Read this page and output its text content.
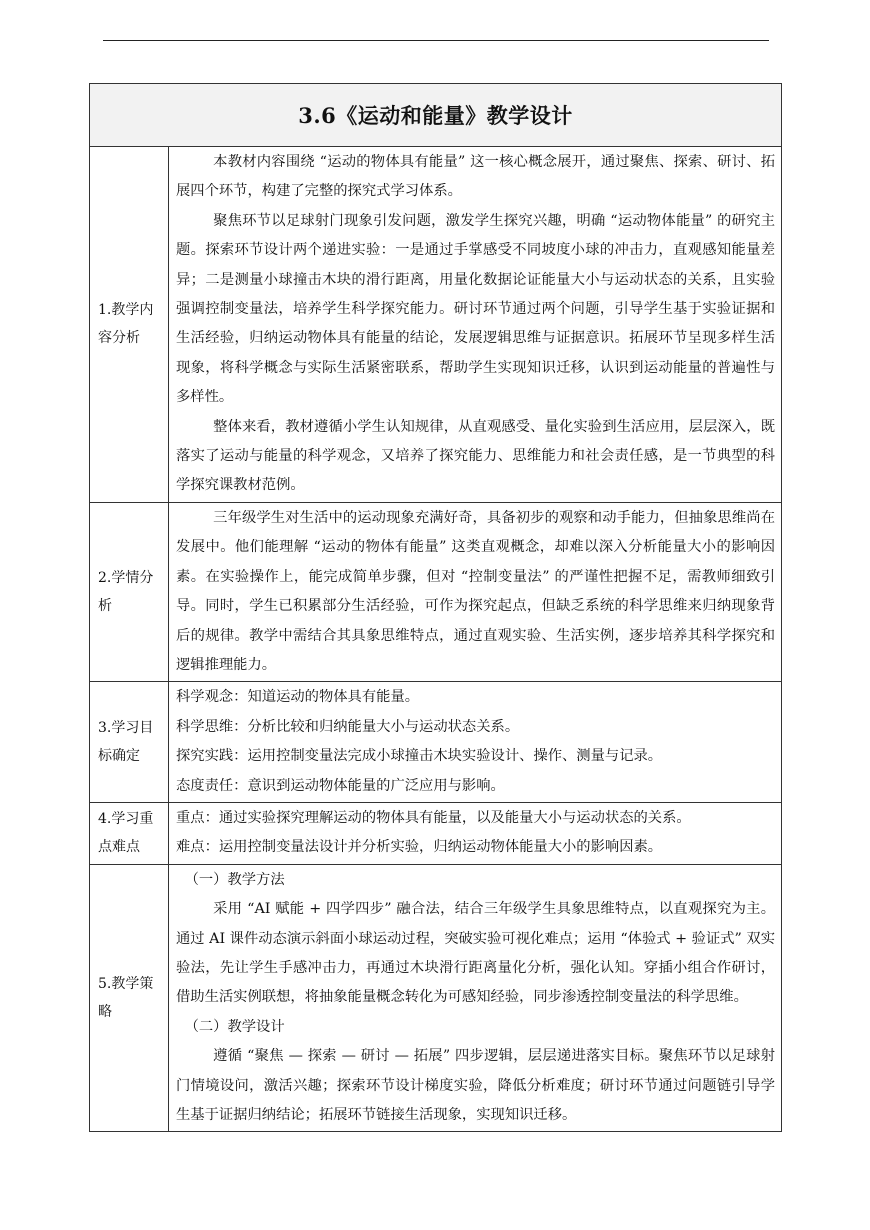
3.6《运动和能量》教学设计	
1.教学内容分析	本教材内容围绕 “运动的物体具有能量” 这一核心概念展开，通过聚焦、探索、研讨、拓展四个环节，构建了完整的探究式学习体系。

聚焦环节以足球射门现象引发问题，激发学生探究兴趣，明确 “运动物体能量” 的研究主题。探索环节设计两个递进实验：一是通过手掌感受不同坡度小球的冲击力，直观感知能量差异；二是测量小球撞击木块的滑行距离，用量化数据论证能量大小与运动状态的关系，且实验强调控制变量法，培养学生科学探究能力。研讨环节通过两个问题，引导学生基于实验证据和生活经验，归纳运动物体具有能量的结论，发展逻辑思维与证据意识。拓展环节呈现多样生活现象，将科学概念与实际生活紧密联系，帮助学生实现知识迁移，认识到运动能量的普遍性与多样性。

整体来看，教材遵循小学生认知规律，从直观感受、量化实验到生活应用，层层深入，既落实了运动与能量的科学观念，又培养了探究能力、思维能力和社会责任感，是一节典型的科学探究课教材范例。

2.学情分析	三年级学生对生活中的运动现象充满好奇，具备初步的观察和动手能力，但抽象思维尚在发展中。他们能理解 “运动的物体有能量” 这类直观概念，却难以深入分析能量大小的影响因素。在实验操作上，能完成简单步骤，但对 “控制变量法” 的严谨性把握不足，需教师细致引导。同时，学生已积累部分生活经验，可作为探究起点，但缺乏系统的科学思维来归纳现象背后的规律。教学中需结合其具象思维特点，通过直观实验、生活实例，逐步培养其科学探究和逻辑推理能力。

3.学习目标确定	科学观念：知道运动的物体具有能量。

科学思维：分析比较和归纳能量大小与运动状态关系。

探究实践：运用控制变量法完成小球撞击木块实验设计、操作、测量与记录。

态度责任：意识到运动物体能量的广泛应用与影响。

4.学习重点难点	重点：通过实验探究理解运动的物体具有能量，以及能量大小与运动状态的关系。

难点：运用控制变量法设计并分析实验，归纳运动物体能量大小的影响因素。

5.教学策略	（一）教学方法

采用 “AI 赋能 + 四学四步” 融合法，结合三年级学生具象思维特点，以直观探究为主。通过 AI 课件动态演示斜面小球运动过程，突破实验可视化难点；运用 “体验式 + 验证式” 双实验法，先让学生手感冲击力，再通过木块滑行距离量化分析，强化认知。穿插小组合作研讨，借助生活实例联想，将抽象能量概念转化为可感知经验，同步渗透控制变量法的科学思维。

（二）教学设计

遵循 “聚焦 — 探索 — 研讨 — 拓展” 四步逻辑，层层递进落实目标。聚焦环节以足球射门情境设问，激活兴趣；探索环节设计梯度实验，降低分析难度；研讨环节通过问题链引导学生基于证据归纳结论；拓展环节链接生活现象，实现知识迁移。
